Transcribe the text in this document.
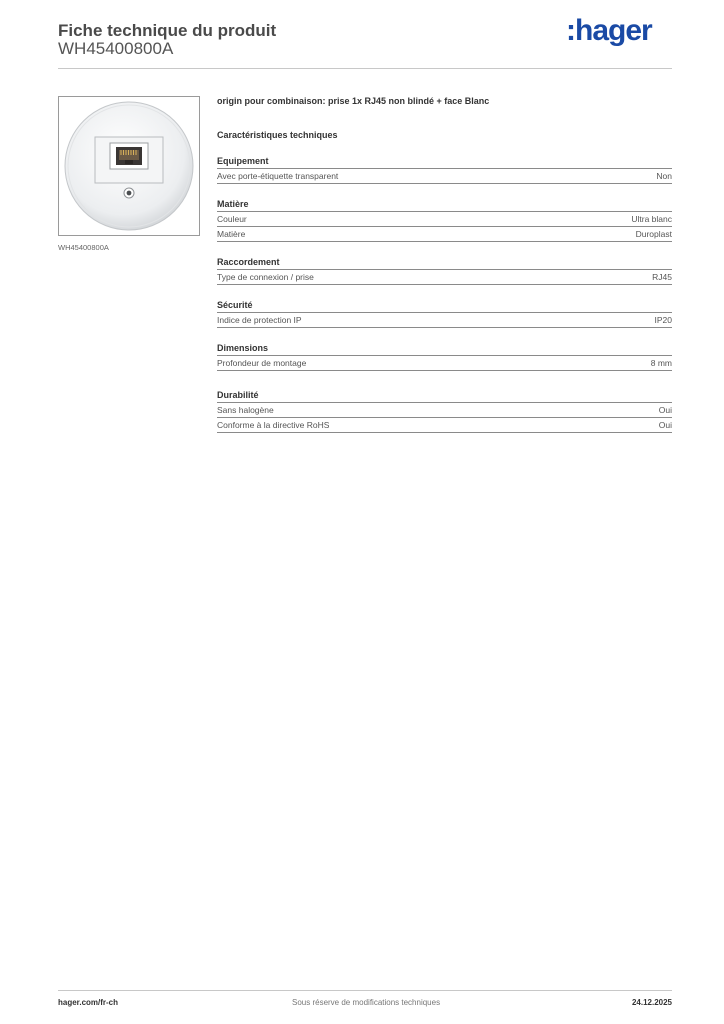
Fiche technique du produit
WH45400800A
:hager
WH45400800A
origin pour combinaison: prise 1x RJ45 non blindé + face Blanc
Caractéristiques techniques
Equipement
Avec porte-étiquette transparent	Non
Matière
Couleur	Ultra blanc
Matière	Duroplast
Raccordement
Type de connexion / prise	RJ45
Sécurité
Indice de protection IP	IP20
Dimensions
Profondeur de montage	8 mm
Durabilité
Sans halogène	Oui
Conforme à la directive RoHS	Oui
hager.com/fr-ch	Sous réserve de modifications techniques	24.12.2025
